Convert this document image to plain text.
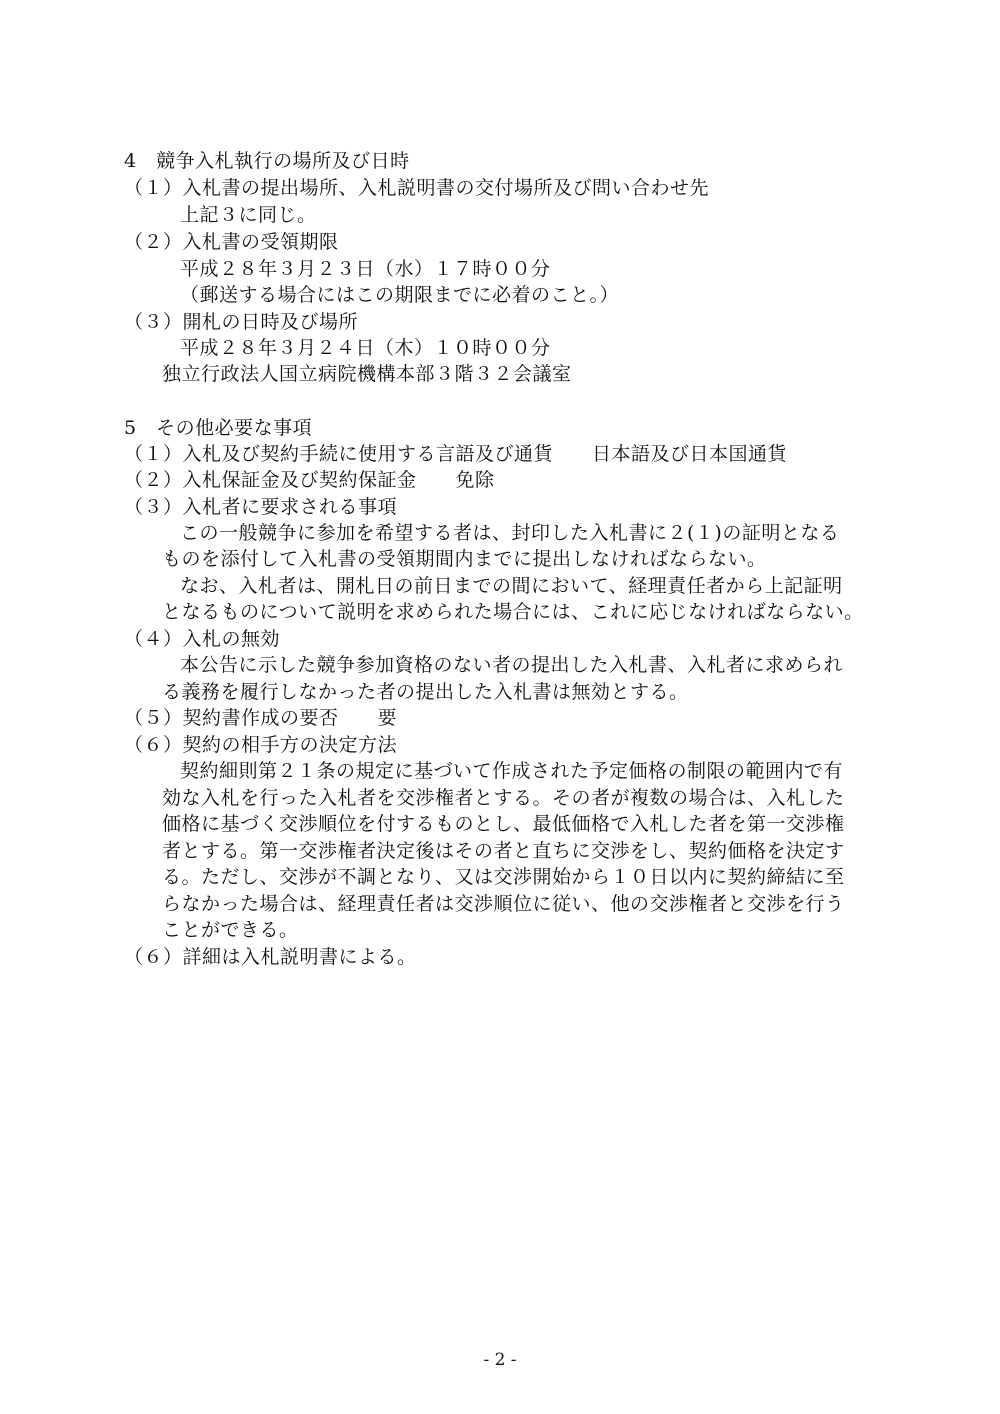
4　競争入札執行の場所及び日時
（１）入札書の提出場所、入札説明書の交付場所及び問い合わせ先
上記３に同じ。
（２）入札書の受領期限
平成２８年３月２３日（水）１７時００分
（郵送する場合にはこの期限までに必着のこと。）
（３）開札の日時及び場所
平成２８年３月２４日（木）１０時００分
独立行政法人国立病院機構本部３階３２会議室
5　その他必要な事項
（１）入札及び契約手続に使用する言語及び通貨　　日本語及び日本国通貨
（２）入札保証金及び契約保証金　　免除
（３）入札者に要求される事項
この一般競争に参加を希望する者は、封印した入札書に２(１)の証明となる
ものを添付して入札書の受領期間内までに提出しなければならない。
なお、入札者は、開札日の前日までの間において、経理責任者から上記証明
となるものについて説明を求められた場合には、これに応じなければならない。
（４）入札の無効
本公告に示した競争参加資格のない者の提出した入札書、入札者に求められ
る義務を履行しなかった者の提出した入札書は無効とする。
（５）契約書作成の要否　　要
（６）契約の相手方の決定方法
契約細則第２１条の規定に基づいて作成された予定価格の制限の範囲内で有
効な入札を行った入札者を交渉権者とする。その者が複数の場合は、入札した
価格に基づく交渉順位を付するものとし、最低価格で入札した者を第一交渉権
者とする。第一交渉権者決定後はその者と直ちに交渉をし、契約価格を決定す
る。ただし、交渉が不調となり、又は交渉開始から１０日以内に契約締結に至
らなかった場合は、経理責任者は交渉順位に従い、他の交渉権者と交渉を行う
ことができる。
（６）詳細は入札説明書による。
- 2 -
